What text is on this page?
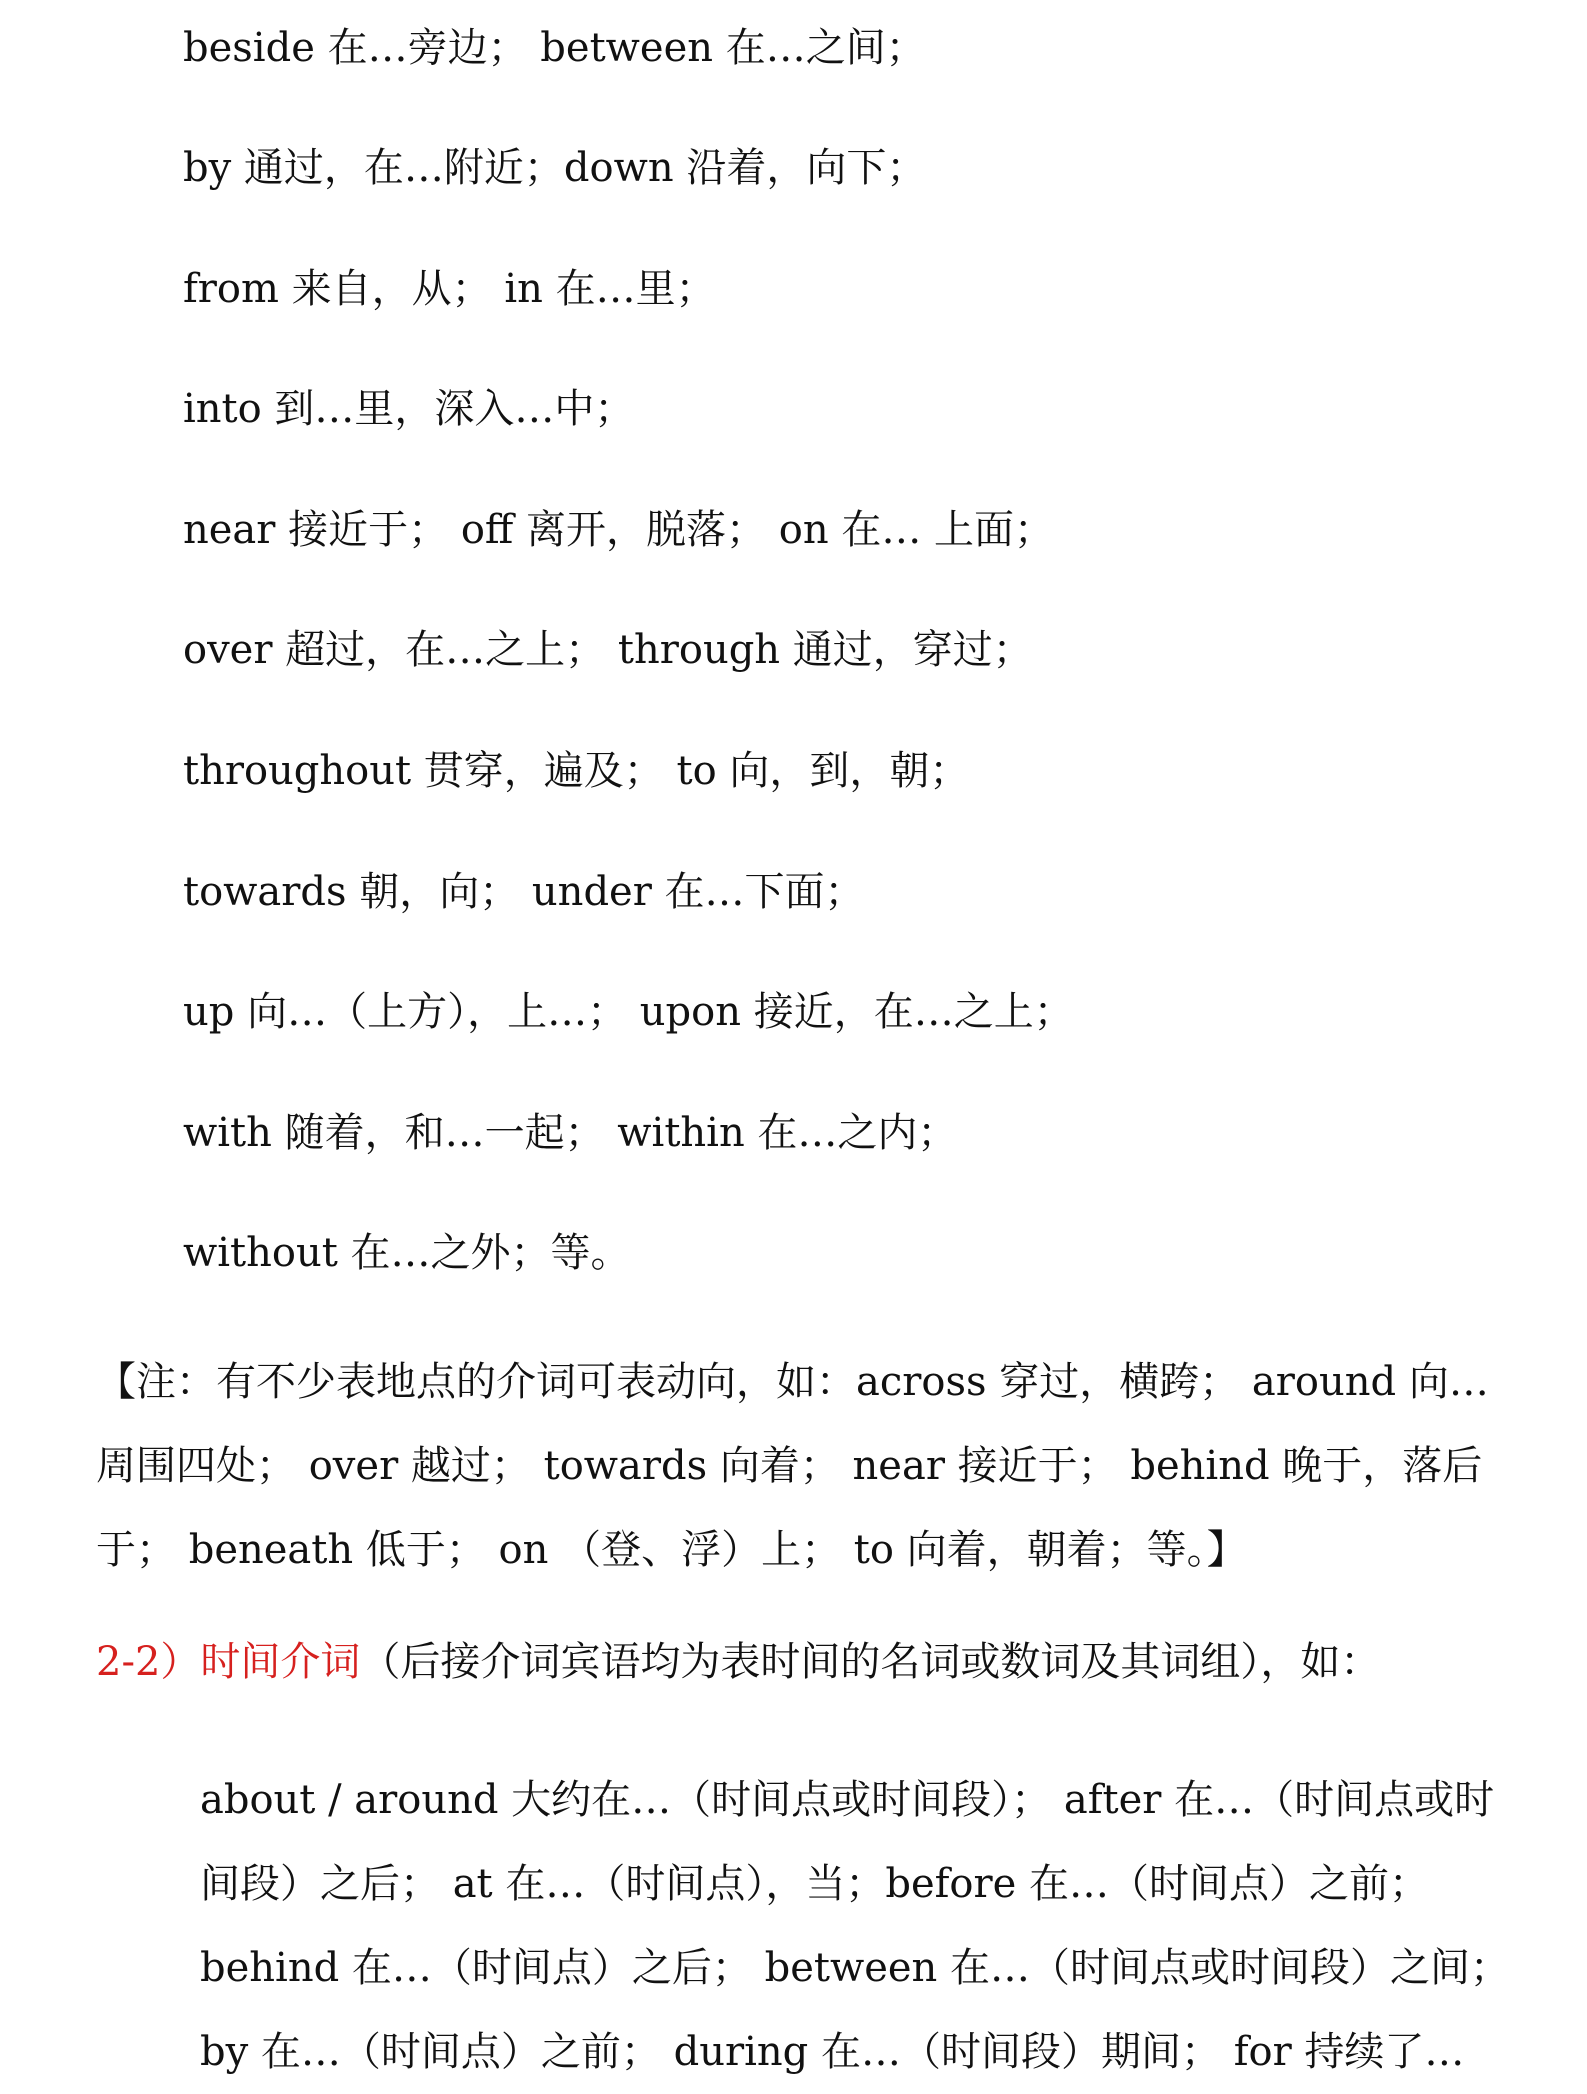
beside 在…旁边； between 在…之间；
by 通过，在…附近；down 沿着，向下；
from 来自，从； in 在…里；
into 到…里，深入…中；
near 接近于； off 离开，脱落； on 在… 上面；
over 超过，在…之上； through 通过，穿过；
throughout 贯穿，遍及； to 向，到，朝；
towards 朝，向； under 在…下面；
up 向…（上方），上…； upon 接近，在…之上；
with 随着，和…一起； within 在…之内；
without 在…之外；等。
【注：有不少表地点的介词可表动向，如：across 穿过，横跨； around 向…
周围四处； over 越过； towards 向着； near 接近于； behind 晚于，落后
于； beneath 低于； on （登、浮）上； to 向着，朝着；等。】
2-2）时间介词（后接介词宾语均为表时间的名词或数词及其词组），如：
about / around 大约在…（时间点或时间段）； after 在…（时间点或时
间段）之后； at 在…（时间点），当；before 在…（时间点）之前；
behind 在…（时间点）之后； between 在…（时间点或时间段）之间；
by 在…（时间点）之前； during 在…（时间段）期间； for 持续了…
